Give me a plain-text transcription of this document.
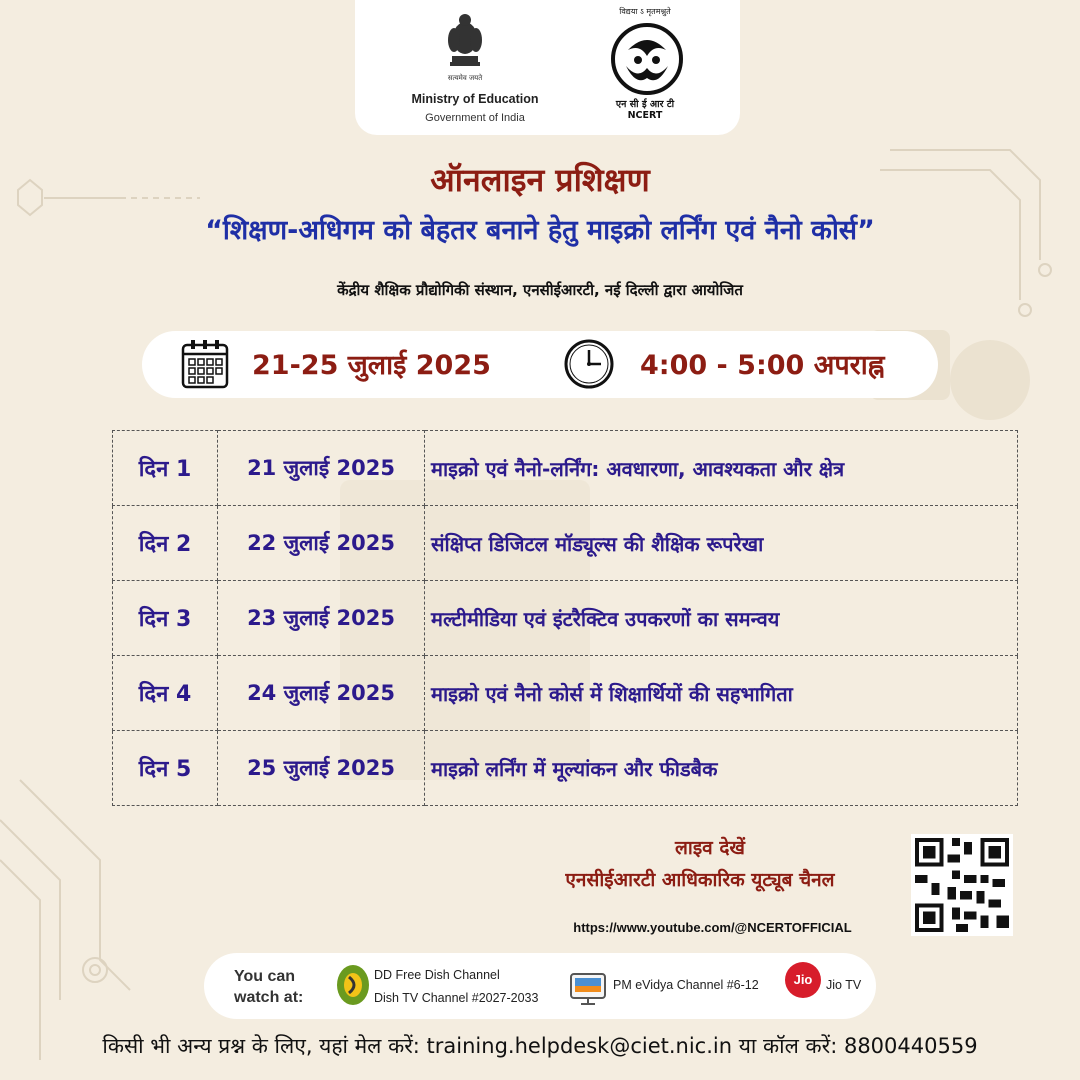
सत्यमेव जयते
Ministry of Education
Government of India
विद्यया ऽ मृतमश्नुते
एन सी ई आर टी
NCERT
ऑनलाइन प्रशिक्षण
“शिक्षण-अधिगम को बेहतर बनाने हेतु माइक्रो लर्निंग एवं नैनो कोर्स”
केंद्रीय शैक्षिक प्रौद्योगिकी संस्थान, एनसीईआरटी, नई दिल्ली द्वारा आयोजित
21-25 जुलाई 2025	4:00 - 5:00 अपराह्न
दिन 1	21 जुलाई 2025	माइक्रो एवं नैनो-लर्निंग: अवधारणा, आवश्यकता और क्षेत्र
दिन 2	22 जुलाई 2025	संक्षिप्त डिजिटल मॉड्यूल्स की शैक्षिक रूपरेखा
दिन 3	23 जुलाई 2025	मल्टीमीडिया एवं इंटरैक्टिव उपकरणों का समन्वय
दिन 4	24 जुलाई 2025	माइक्रो एवं नैनो कोर्स में शिक्षार्थियों की सहभागिता
दिन 5	25 जुलाई 2025	माइक्रो लर्निंग में मूल्यांकन और फीडबैक
लाइव देखें
एनसीईआरटी आधिकारिक यूट्यूब चैनल
https://www.youtube.com/@NCERTOFFICIAL
You can watch at:
DD Free Dish Channel
Dish TV Channel #2027-2033
PM eVidya Channel #6-12	Jio	Jio TV
किसी भी अन्य प्रश्न के लिए, यहां मेल करें: training.helpdesk@ciet.nic.in या कॉल करें: 8800440559
